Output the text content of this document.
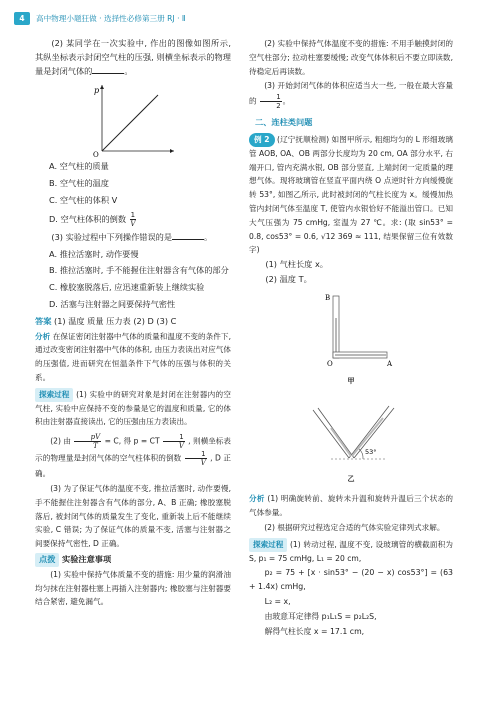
4	高中物理小题狂做 · 选择性必修第三册 RJ · Ⅱ

(2) 某同学在一次实验中, 作出的图像如图所示, 其纵坐标表示封闭空气柱的压强, 则横坐标表示的物理量是封闭气体的	。

p
O

A. 空气柱的质量

B. 空气柱的温度

C. 空气柱的体积 V

D. 空气柱体积的倒数 $\frac{1}{V}$

(3) 实验过程中下列操作错误的是	。

A. 推拉活塞时, 动作要慢

B. 推拉活塞时, 手不能握住注射器含有气体的部分

C. 橡胶塞脱落后, 应迅速重新装上继续实验

D. 活塞与注射器之间要保持气密性

答案 (1) 温度 质量 压力表 (2) D (3) C

分析 在保证密闭注射器中气体的质量和温度不变的条件下, 通过改变密闭注射器中气体的体积, 由压力表读出对应气体的压强值, 进而研究在恒温条件下气体的压强与体积的关系。

探索过程 (1) 实验中的研究对象是封闭在注射器内的空气柱, 实验中应保持不变的参量是它的温度和质量, 它的体积由注射器直接读出, 它的压强由压力表读出。

(2) 由 $\frac{pV}{T} = C$, 得 p = CT $\frac{1}{V}$ , 则横坐标表示的物理量是封闭气体的空气柱体积的倒数 $\frac{1}{V}$ , D 正确。

(3) 为了保证气体的温度不变, 推拉活塞时, 动作要慢, 手不能握住注射器含有气体的部分, A、B 正确; 橡胶塞脱落后, 被封闭气体的质量发生了变化, 重新装上后不能继续实验, C 错误; 为了保证气体的质量不变, 活塞与注射器之间要保持气密性, D 正确。

点拨 实验注意事项

(1) 实验中保持气体质量不变的措施: 用少量的润滑油均匀抹在注射器柱塞上再插入注射器内; 橡胶塞与注射器要结合紧密, 避免漏气。

(2) 实验中保持气体温度不变的措施: 不用手触摸封闭的空气柱部分; 拉动柱塞要缓慢; 改变气体体积后不要立即读数, 待稳定后再读数。

(3) 开始封闭气体的体积应适当大一些, 一般在最大容量的 $\frac{1}{2}$ 。

二、连柱类问题

例 2 (辽宁抚顺检测) 如图甲所示, 粗细均匀的 L 形细玻璃管 AOB, OA、OB 两部分长度均为 20 cm, OA 部分水平, 右端开口, 管内充满水银, OB 部分竖直, 上端封闭一定质量的理想气体。现将玻璃管在竖直平面内绕 O 点逆时针方向缓慢旋转 53°, 如图乙所示, 此时被封闭的气柱长度为 x。缓慢加热管内封闭气体至温度 T, 使管内水银恰好不能溢出管口。已知大气压强为 75 cmHg, 室温为 27 ℃。求: (取 sin53° = 0.8, cos53° = 0.6, √12 369 ≈ 111, 结果保留三位有效数字)

(1) 气柱长度 x。

(2) 温度 T。

B
O	A
甲
53°
乙

分析 (1) 明确旋转前、旋转未升温和旋转升温后三个状态的气体参量。

(2) 根据研究过程选定合适的气体实验定律列式求解。

探索过程 (1) 转动过程, 温度不变, 设玻璃管的横截面积为 S, p₁ = 75 cmHg, L₁ = 20 cm,

p₂ = 75 + [x · sin53° − (20 − x) cos53°] = (63 + 1.4x) cmHg,

L₂ = x,

由玻意耳定律得 p₁L₁S = p₂L₂S,

解得气柱长度 x = 17.1 cm,
